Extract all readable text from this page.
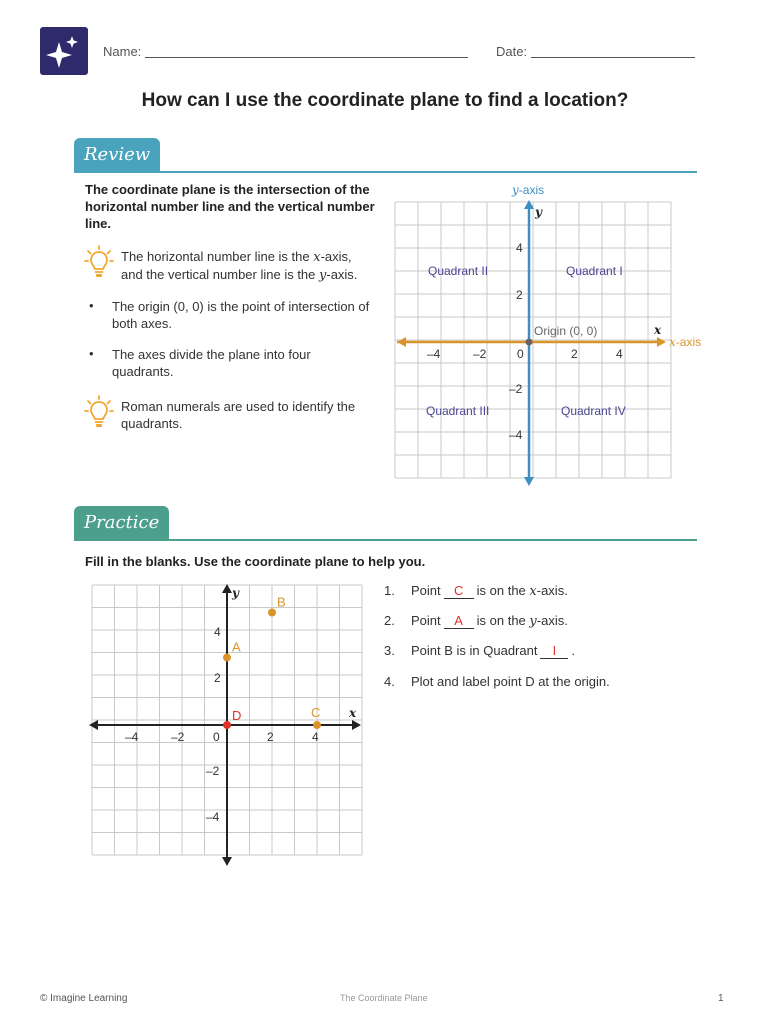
Name:	Date:
How can I use the coordinate plane to find a location?
Review
The coordinate plane is the intersection of the horizontal number line and the vertical number line.
The horizontal number line is the x-axis,
and the vertical number line is the y-axis.
• The origin (0, 0) is the point of intersection of both axes.
• The axes divide the plane into four quadrants.
Roman numerals are used to identify the quadrants.
y-axis
y
x
x-axis
Origin (0, 0)
Quadrant II	Quadrant I
Quadrant III	Quadrant IV
–4	–2	0	2	4
4
2
–2
–4
Practice
Fill in the blanks. Use the coordinate plane to help you.
y
x
–4	–2 0	2	4
4
2
–2
–4
A
B
C
D
1. Point C is on the x-axis.
2. Point A is on the y-axis.
3. Point B is in Quadrant I .
4. Plot and label point D at the origin.
© Imagine Learning	The Coordinate Plane	1
